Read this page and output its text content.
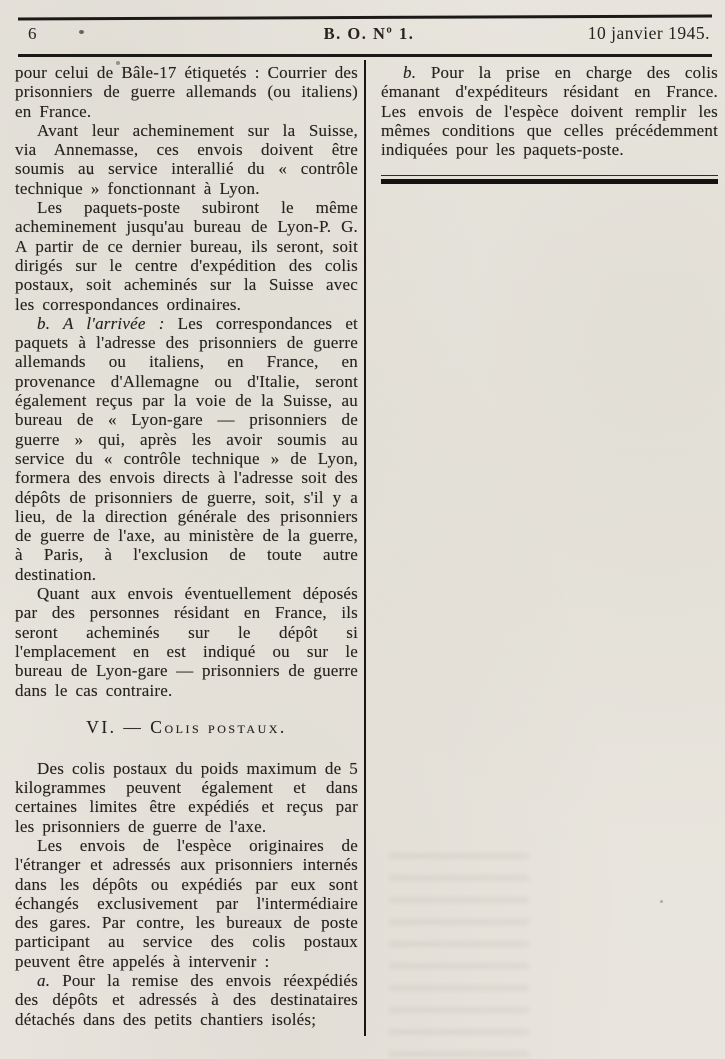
6	B. O. Nº 1.	10 janvier 1945.

pour celui de Bâle-17 étiquetés : Courrier des prisonniers de guerre allemands (ou italiens) en France.

Avant leur acheminement sur la Suisse, via Annemasse, ces envois doivent être soumis au service interallié du « contrôle technique » fonctionnant à Lyon.

Les paquets-poste subiront le même acheminement jusqu'au bureau de Lyon-P. G. A partir de ce dernier bureau, ils seront, soit dirigés sur le centre d'expédition des colis postaux, soit acheminés sur la Suisse avec les correspondances ordinaires.

b. A l'arrivée : Les correspondances et paquets à l'adresse des prisonniers de guerre allemands ou italiens, en France, en provenance d'Allemagne ou d'Italie, seront également reçus par la voie de la Suisse, au bureau de « Lyon-gare — prisonniers de guerre » qui, après les avoir soumis au service du « contrôle technique » de Lyon, formera des envois directs à l'adresse soit des dépôts de prisonniers de guerre, soit, s'il y a lieu, de la direction générale des prisonniers de guerre de l'axe, au ministère de la guerre, à Paris, à l'exclusion de toute autre destination.

Quant aux envois éventuellement déposés par des personnes résidant en France, ils seront acheminés sur le dépôt si l'emplacement en est indiqué ou sur le bureau de Lyon-gare — prisonniers de guerre dans le cas contraire.

VI. — Colis postaux.

Des colis postaux du poids maximum de 5 kilogrammes peuvent également et dans certaines limites être expédiés et reçus par les prisonniers de guerre de l'axe.

Les envois de l'espèce originaires de l'étranger et adressés aux prisonniers internés dans les dépôts ou expédiés par eux sont échangés exclusivement par l'intermédiaire des gares. Par contre, les bureaux de poste participant au service des colis postaux peuvent être appelés à intervenir :

a. Pour la remise des envois réexpédiés des dépôts et adressés à des destinataires détachés dans des petits chantiers isolés;

b. Pour la prise en charge des colis émanant d'expéditeurs résidant en France. Les envois de l'espèce doivent remplir les mêmes conditions que celles précédemment indiquées pour les paquets-poste.
